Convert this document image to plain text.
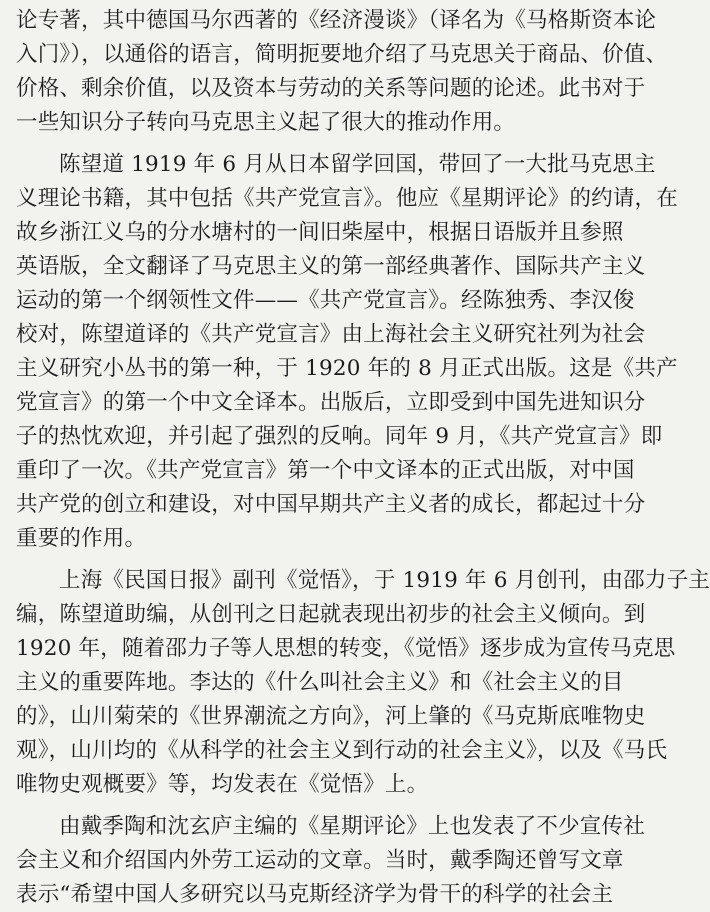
论专著，其中德国马尔西著的《经济漫谈》（译名为《马格斯资本论
入门》），以通俗的语言，简明扼要地介绍了马克思关于商品、价值、
价格、剩余价值，以及资本与劳动的关系等问题的论述。此书对于
一些知识分子转向马克思主义起了很大的推动作用。
陈望道 1919 年 6 月从日本留学回国，带回了一大批马克思主
义理论书籍，其中包括《共产党宣言》。他应《星期评论》的约请，在
故乡浙江义乌的分水塘村的一间旧柴屋中，根据日语版并且参照
英语版，全文翻译了马克思主义的第一部经典著作、国际共产主义
运动的第一个纲领性文件——《共产党宣言》。经陈独秀、李汉俊
校对，陈望道译的《共产党宣言》由上海社会主义研究社列为社会
主义研究小丛书的第一种，于 1920 年的 8 月正式出版。这是《共产
党宣言》的第一个中文全译本。出版后，立即受到中国先进知识分
子的热忱欢迎，并引起了强烈的反响。同年 9 月，《共产党宣言》即
重印了一次。《共产党宣言》第一个中文译本的正式出版，对中国
共产党的创立和建设，对中国早期共产主义者的成长，都起过十分
重要的作用。
上海《民国日报》副刊《觉悟》，于 1919 年 6 月创刊，由邵力子主
编，陈望道助编，从创刊之日起就表现出初步的社会主义倾向。到
1920 年，随着邵力子等人思想的转变，《觉悟》逐步成为宣传马克思
主义的重要阵地。李达的《什么叫社会主义》和《社会主义的目
的》，山川菊荣的《世界潮流之方向》，河上肇的《马克斯底唯物史
观》，山川均的《从科学的社会主义到行动的社会主义》，以及《马氏
唯物史观概要》等，均发表在《觉悟》上。
由戴季陶和沈玄庐主编的《星期评论》上也发表了不少宣传社
会主义和介绍国内外劳工运动的文章。当时，戴季陶还曾写文章
表示“希望中国人多研究以马克斯经济学为骨干的科学的社会主
